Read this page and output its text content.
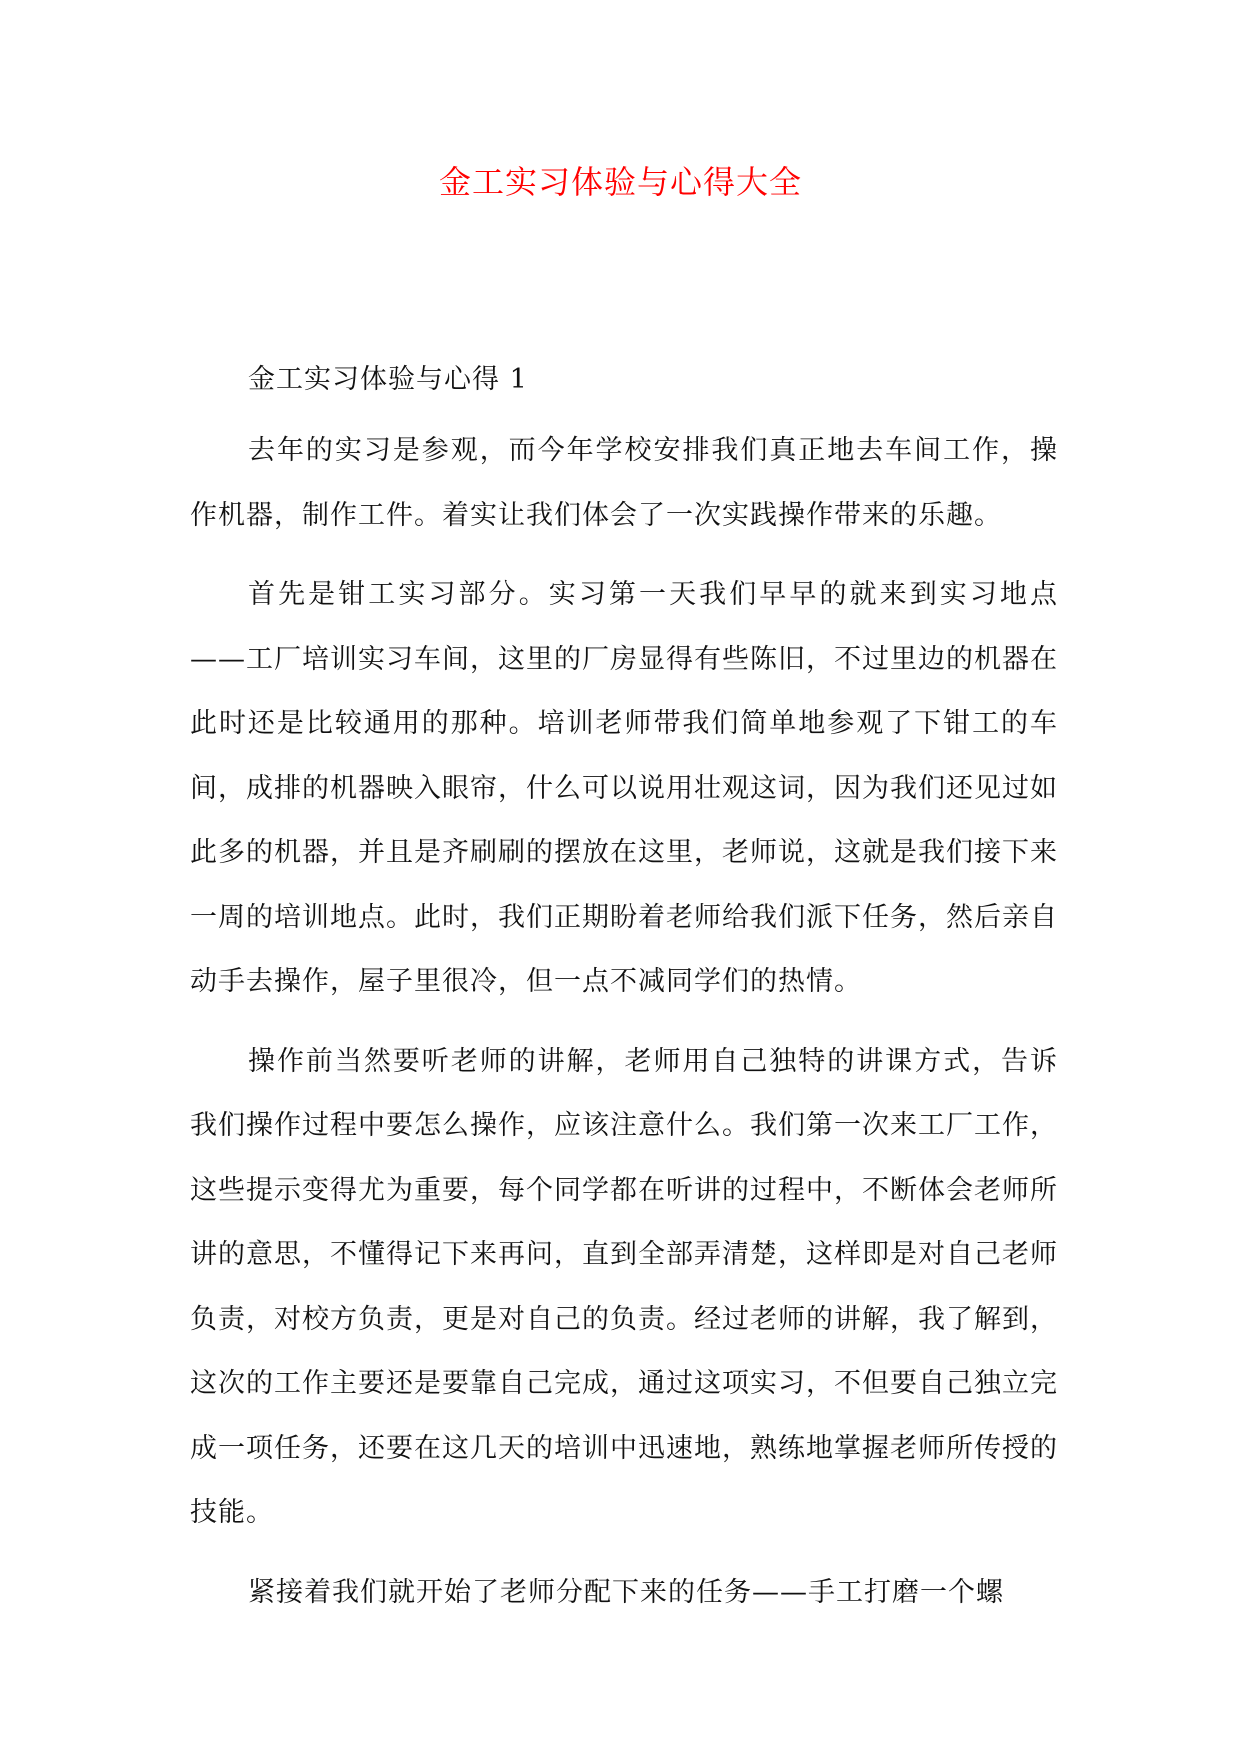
金工实习体验与心得大全

金工实习体验与心得 1

去年的实习是参观，而今年学校安排我们真正地去车间工作，操作机器，制作工件。着实让我们体会了一次实践操作带来的乐趣。

首先是钳工实习部分。实习第一天我们早早的就来到实习地点——工厂培训实习车间，这里的厂房显得有些陈旧，不过里边的机器在此时还是比较通用的那种。培训老师带我们简单地参观了下钳工的车间，成排的机器映入眼帘，什么可以说用壮观这词，因为我们还见过如此多的机器，并且是齐刷刷的摆放在这里，老师说，这就是我们接下来一周的培训地点。此时，我们正期盼着老师给我们派下任务，然后亲自动手去操作，屋子里很冷，但一点不减同学们的热情。

操作前当然要听老师的讲解，老师用自己独特的讲课方式，告诉我们操作过程中要怎么操作，应该注意什么。我们第一次来工厂工作，这些提示变得尤为重要，每个同学都在听讲的过程中，不断体会老师所讲的意思，不懂得记下来再问，直到全部弄清楚，这样即是对自己老师负责，对校方负责，更是对自己的负责。经过老师的讲解，我了解到，这次的工作主要还是要靠自己完成，通过这项实习，不但要自己独立完成一项任务，还要在这几天的培训中迅速地，熟练地掌握老师所传授的技能。

紧接着我们就开始了老师分配下来的任务——手工打磨一个螺
